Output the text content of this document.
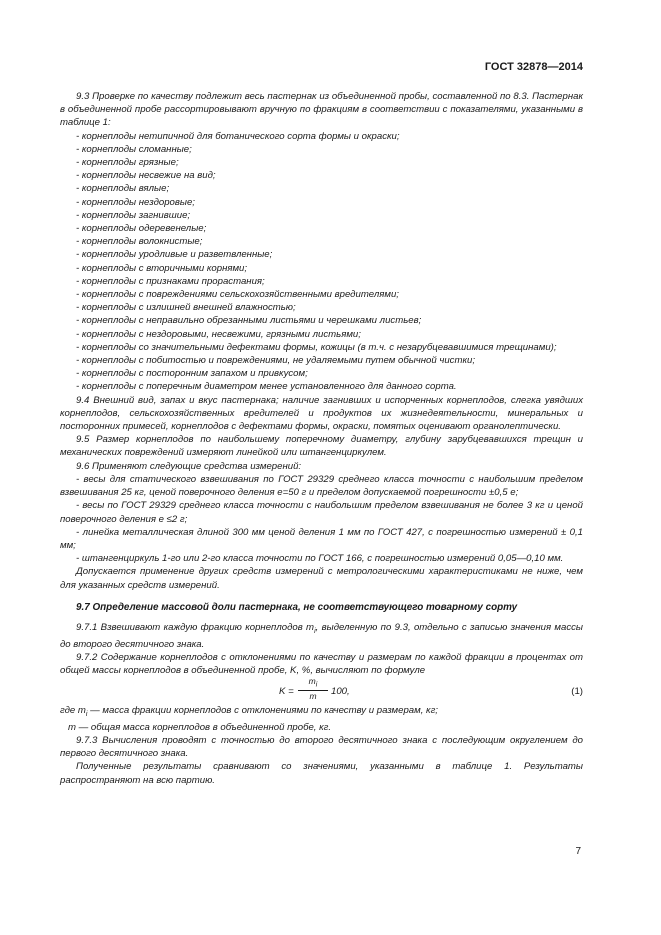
ГОСТ 32878—2014

9.3 Проверке по качеству подлежит весь пастернак из объединенной пробы, составленной по 8.3. Пастернак в объединенной пробе рассортировывают вручную по фракциям в соответствии с показателями, указанными в таблице 1:

- корнеплоды нетипичной для ботанического сорта формы и окраски;

- корнеплоды сломанные;

- корнеплоды грязные;

- корнеплоды несвежие на вид;

- корнеплоды вялые;

- корнеплоды нездоровые;

- корнеплоды загнившие;

- корнеплоды одеревенелые;

- корнеплоды волокнистые;

- корнеплоды уродливые и разветвленные;

- корнеплоды с вторичными корнями;

- корнеплоды с признаками прорастания;

- корнеплоды с повреждениями сельскохозяйственными вредителями;

- корнеплоды с излишней внешней влажностью;

- корнеплоды с неправильно обрезанными листьями и черешками листьев;

- корнеплоды с нездоровыми, несвежими, грязными листьями;

- корнеплоды со значительными дефектами формы, кожицы (в т.ч. с незарубцевавшимися трещинами);

- корнеплоды с побитостью и повреждениями, не удаляемыми путем обычной чистки;

- корнеплоды с посторонним запахом и привкусом;

- корнеплоды с поперечным диаметром менее установленного для данного сорта.

9.4 Внешний вид, запах и вкус пастернака; наличие загнивших и испорченных корнеплодов, слегка увядших корнеплодов, сельскохозяйственных вредителей и продуктов их жизнедеятельности, минеральных и посторонних примесей, корнеплодов с дефектами формы, окраски, помятых оценивают органолептически.

9.5 Размер корнеплодов по наибольшему поперечному диаметру, глубину зарубцевавшихся трещин и механических повреждений измеряют линейкой или штангенциркулем.

9.6 Применяют следующие средства измерений:

- весы для статического взвешивания по ГОСТ 29329 среднего класса точности с наибольшим пределом взвешивания 25 кг, ценой поверочного деления e=50 г и пределом допускаемой погрешности ±0,5 e;

- весы по ГОСТ 29329 среднего класса точности с наибольшим пределом взвешивания не более 3 кг и ценой поверочного деления e ≤2 г;

- линейка металлическая длиной 300 мм ценой деления 1 мм по ГОСТ 427, с погрешностью измерений ± 0,1 мм;

- штангенциркуль 1-го или 2-го класса точности по ГОСТ 166, с погрешностью измерений 0,05—0,10 мм.

Допускается применение других средств измерений с метрологическими характеристиками не ниже, чем для указанных средств измерений.

9.7 Определение массовой доли пастернака, не соответствующего товарному сорту

9.7.1 Взвешивают каждую фракцию корнеплодов $m_i$, выделенную по 9.3, отдельно с записью значения массы до второго десятичного знака.

9.7.2 Содержание корнеплодов с отклонениями по качеству и размерам по каждой фракции в процентах от общей массы корнеплодов в объединенной пробе, K, %, вычисляют по формуле

$K = \frac{m_i}{m} 100$,	(1)

где $m_i$ — масса фракции корнеплодов с отклонениями по качеству и размерам, кг;

m — общая масса корнеплодов в объединенной пробе, кг.

9.7.3 Вычисления проводят с точностью до второго десятичного знака с последующим округлением до первого десятичного знака.

Полученные результаты сравнивают со значениями, указанными в таблице 1. Результаты распространяют на всю партию.

7
